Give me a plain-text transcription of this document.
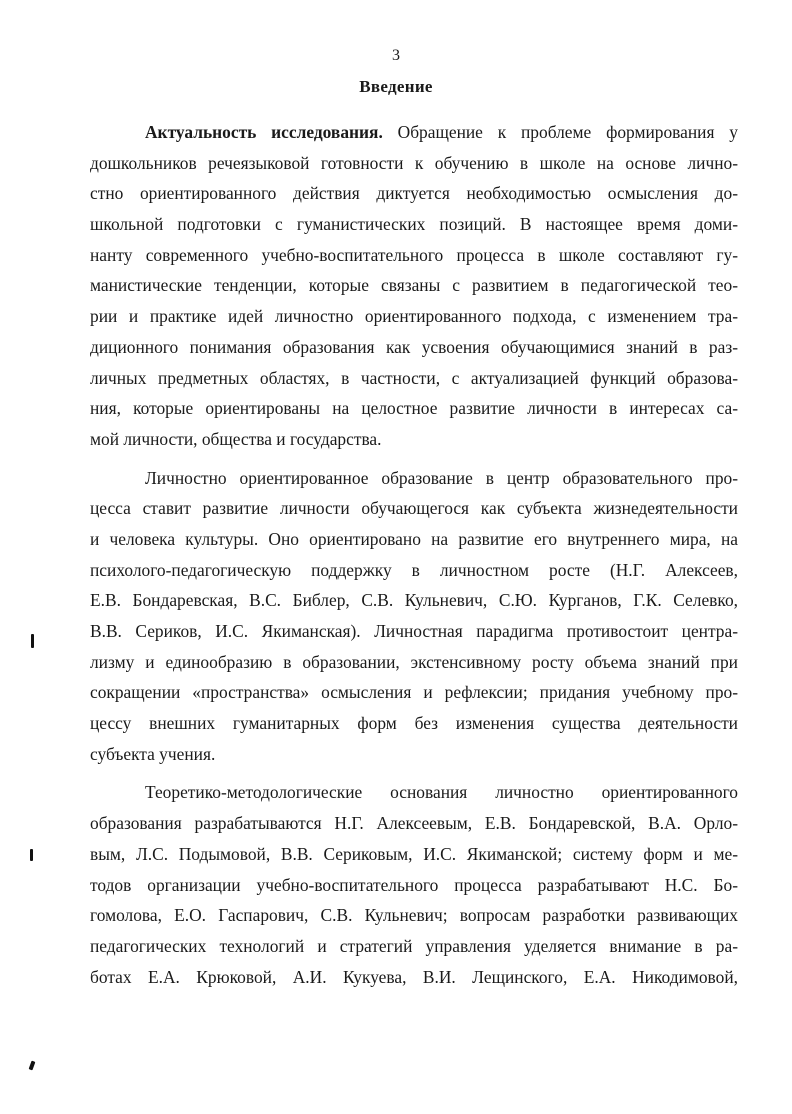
3
Введение
Актуальность исследования. Обращение к проблеме формирования у
дошкольников речеязыковой готовности к обучению в школе на основе лично-
стно ориентированного действия диктуется необходимостью осмысления до-
школьной подготовки с гуманистических позиций. В настоящее время доми-
нанту современного учебно-воспитательного процесса в школе составляют гу-
манистические тенденции, которые связаны с развитием в педагогической тео-
рии и практике идей личностно ориентированного подхода, с изменением тра-
диционного понимания образования как усвоения обучающимися знаний в раз-
личных предметных областях, в частности, с актуализацией функций образова-
ния, которые ориентированы на целостное развитие личности в интересах са-
мой личности, общества и государства.
Личностно ориентированное образование в центр образовательного про-
цесса ставит развитие личности обучающегося как субъекта жизнедеятельности
и человека культуры. Оно ориентировано на развитие его внутреннего мира, на
психолого-педагогическую поддержку в личностном росте (Н.Г. Алексеев,
Е.В. Бондаревская, В.С. Библер, С.В. Кульневич, С.Ю. Курганов, Г.К. Селевко,
В.В. Сериков, И.С. Якиманская). Личностная парадигма противостоит центра-
лизму и единообразию в образовании, экстенсивному росту объема знаний при
сокращении «пространства» осмысления и рефлексии; придания учебному про-
цессу внешних гуманитарных форм без изменения существа деятельности
субъекта учения.
Теоретико-методологические основания личностно ориентированного
образования разрабатываются Н.Г. Алексеевым, Е.В. Бондаревской, В.А. Орло-
вым, Л.С. Подымовой, В.В. Сериковым, И.С. Якиманской; систему форм и ме-
тодов организации учебно-воспитательного процесса разрабатывают Н.С. Бо-
гомолова, Е.О. Гаспарович, С.В. Кульневич; вопросам разработки развивающих
педагогических технологий и стратегий управления уделяется внимание в ра-
ботах Е.А. Крюковой, А.И. Кукуева, В.И. Лещинского, Е.А. Никодимовой,
